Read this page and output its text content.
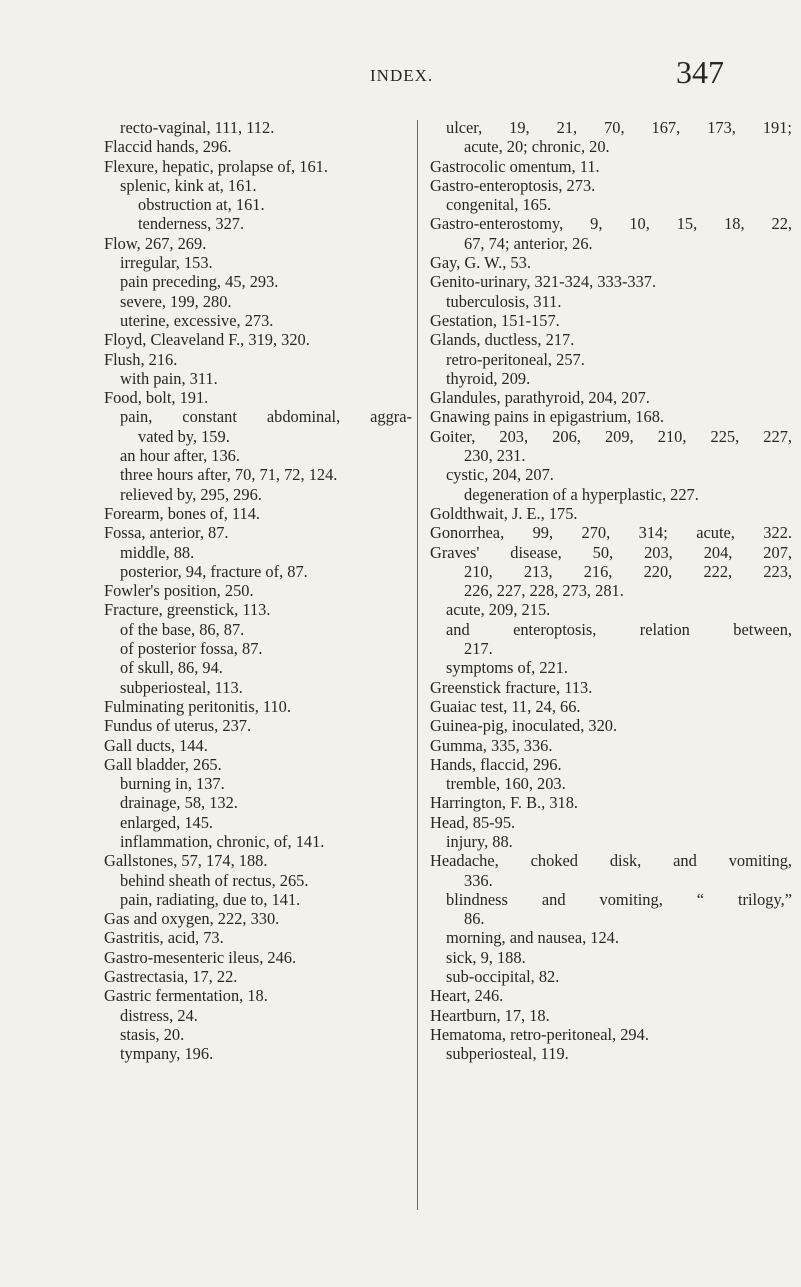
INDEX.	347
recto-vaginal, 111, 112.
Flaccid hands, 296.
Flexure, hepatic, prolapse of, 161.
splenic, kink at, 161.
obstruction at, 161.
tenderness, 327.
Flow, 267, 269.
irregular, 153.
pain preceding, 45, 293.
severe, 199, 280.
uterine, excessive, 273.
Floyd, Cleaveland F., 319, 320.
Flush, 216.
with pain, 311.
Food, bolt, 191.
pain, constant abdominal, aggra-
vated by, 159.
an hour after, 136.
three hours after, 70, 71, 72, 124.
relieved by, 295, 296.
Forearm, bones of, 114.
Fossa, anterior, 87.
middle, 88.
posterior, 94, fracture of, 87.
Fowler's position, 250.
Fracture, greenstick, 113.
of the base, 86, 87.
of posterior fossa, 87.
of skull, 86, 94.
subperiosteal, 113.
Fulminating peritonitis, 110.
Fundus of uterus, 237.
Gall ducts, 144.
Gall bladder, 265.
burning in, 137.
drainage, 58, 132.
enlarged, 145.
inflammation, chronic, of, 141.
Gallstones, 57, 174, 188.
behind sheath of rectus, 265.
pain, radiating, due to, 141.
Gas and oxygen, 222, 330.
Gastritis, acid, 73.
Gastro-mesenteric ileus, 246.
Gastrectasia, 17, 22.
Gastric fermentation, 18.
distress, 24.
stasis, 20.
tympany, 196.
ulcer, 19, 21, 70, 167, 173, 191;
acute, 20; chronic, 20.
Gastrocolic omentum, 11.
Gastro-enteroptosis, 273.
congenital, 165.
Gastro-enterostomy, 9, 10, 15, 18, 22,
67, 74; anterior, 26.
Gay, G. W., 53.
Genito-urinary, 321-324, 333-337.
tuberculosis, 311.
Gestation, 151-157.
Glands, ductless, 217.
retro-peritoneal, 257.
thyroid, 209.
Glandules, parathyroid, 204, 207.
Gnawing pains in epigastrium, 168.
Goiter, 203, 206, 209, 210, 225, 227,
230, 231.
cystic, 204, 207.
degeneration of a hyperplastic, 227.
Goldthwait, J. E., 175.
Gonorrhea, 99, 270, 314; acute, 322.
Graves' disease, 50, 203, 204, 207,
210, 213, 216, 220, 222, 223,
226, 227, 228, 273, 281.
acute, 209, 215.
and enteroptosis, relation between,
217.
symptoms of, 221.
Greenstick fracture, 113.
Guaiac test, 11, 24, 66.
Guinea-pig, inoculated, 320.
Gumma, 335, 336.
Hands, flaccid, 296.
tremble, 160, 203.
Harrington, F. B., 318.
Head, 85-95.
injury, 88.
Headache, choked disk, and vomiting,
336.
blindness and vomiting, “ trilogy,”
86.
morning, and nausea, 124.
sick, 9, 188.
sub-occipital, 82.
Heart, 246.
Heartburn, 17, 18.
Hematoma, retro-peritoneal, 294.
subperiosteal, 119.
